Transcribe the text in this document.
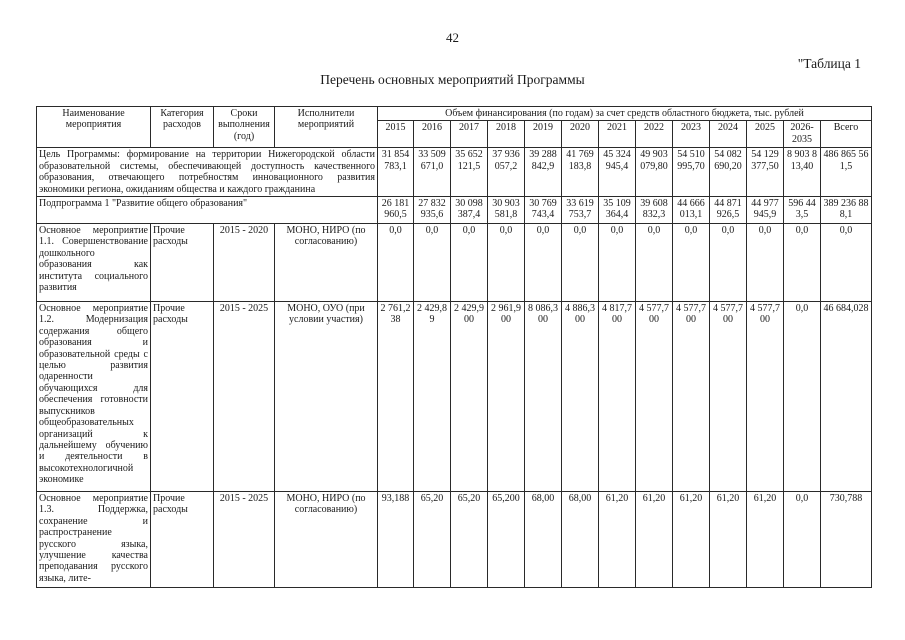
42
"Таблица 1
Перечень основных мероприятий Программы
Наименование мероприятия	Категория расходов	Сроки выполнения (год)	Исполнители мероприятий	Объем финансирования (по годам) за счет средств областного бюджета, тыс. рублей												
				2015	2016	2017	2018	2019	2020	2021	2022	2023	2024	2025	2026-2035	Всего
Цель Программы: формирование на территории Нижегородской области образовательной системы, обеспечивающей доступность качественного образования, отвечающего потребностям инновационного развития экономики региона, ожиданиям общества и каждого гражданина				31 854 783,1	33 509 671,0	35 652 121,5	37 936 057,2	39 288 842,9	41 769 183,8	45 324 945,4	49 903 079,80	54 510 995,70	54 082 690,20	54 129 377,50	8 903 813,40	486 865 561,5
Подпрограмма 1 "Развитие общего образования"				26 181 960,5	27 832 935,6	30 098 387,4	30 903 581,8	30 769 743,4	33 619 753,7	35 109 364,4	39 608 832,3	44 666 013,1	44 871 926,5	44 977 945,9	596 443,5	389 236 888,1
Основное мероприятие 1.1. Совершенствование дошкольного образования как института социального развития	Прочие расходы	2015 - 2020	МОНО, НИРО (по согласованию)	0,0	0,0	0,0	0,0	0,0	0,0	0,0	0,0	0,0	0,0	0,0	0,0	0,0
Основное мероприятие 1.2. Модернизация содержания общего образования и образовательной среды с целью развития одаренности обучающихся для обеспечения готовности выпускников общеобразовательных организаций к дальнейшему обучению и деятельности в высокотехнологичной экономике	Прочие расходы	2015 - 2025	МОНО, ОУО (при условии участия)	2 761,238	2 429,89	2 429,900	2 961,900	8 086,300	4 886,300	4 817,700	4 577,700	4 577,700	4 577,700	4 577,700	0,0	46 684,028
Основное мероприятие 1.3. Поддержка, сохранение и распространение русского языка, улучшение качества преподавания русского языка, лите-	Прочие расходы	2015 - 2025	МОНО, НИРО (по согласованию)	93,188	65,20	65,20	65,200	68,00	68,00	61,20	61,20	61,20	61,20	61,20	0,0	730,788
